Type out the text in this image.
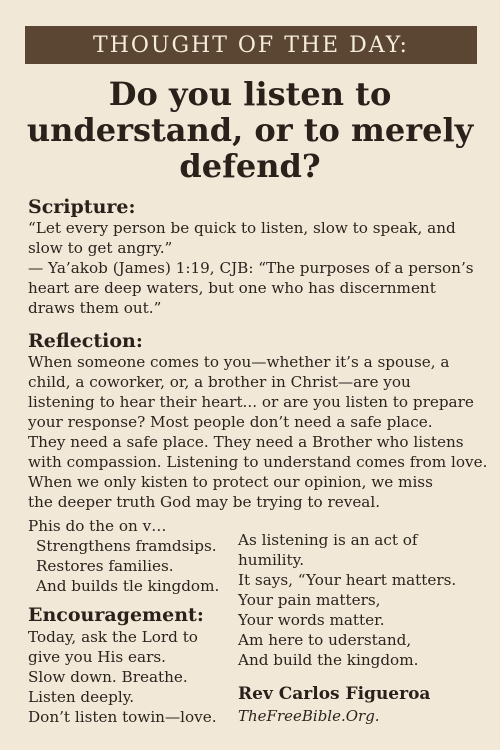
THOUGHT OF THE DAY:
Do you listen to
understand, or to merely
defend?
Scripture:
“Let every person be quick to listen, slow to speak, and
slow to get angry.”
— Ya’akob (James) 1:19, CJB: “The purposes of a person’s
heart are deep waters, but one who has discernment
draws them out.”
Reflection:
When someone comes to you—whether it’s a spouse, a
child, a coworker, or, a brother in Christ—are you
listening to hear their heart... or are you listen to prepare
your response? Most people don’t need a safe place.
They need a safe place. They need a Brother who listens
with compassion. Listening to understand comes from love.
When we only kisten to protect our opinion, we miss
the deeper truth God may be trying to reveal.
Phis do the on v…
Strengthens framdsips.
Restores families.
And builds tle kingdom.
Encouragement:
Today, ask the Lord to
give you His ears.
Slow down. Breathe.
Listen deeply.
Don’t listen towin—love.
As listening is an act of
humility.
It says, “Your heart matters.
Your pain matters,
Your words matter.
Am here to uderstand,
And build the kingdom.
Rev Carlos Figueroa
TheFreeBible.Org.
